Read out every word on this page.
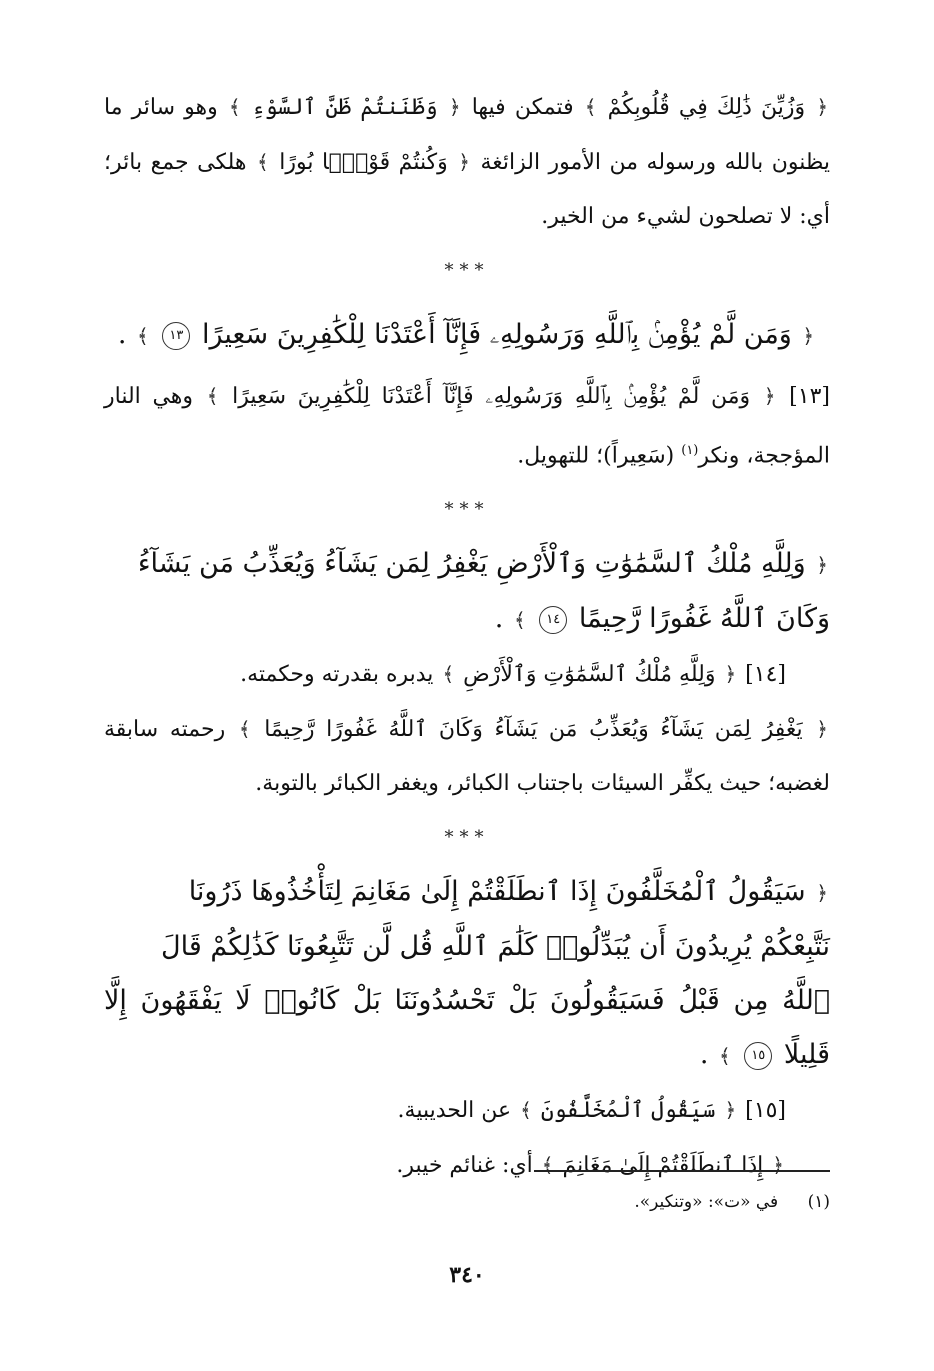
﴿ وَزُيِّنَ ذَٰلِكَ فِي قُلُوبِكُمْ ﴾ فتمكن فيها ﴿ وَظَنَنتُمْ ظَنَّ ٱلسَّوْءِ ﴾ وهو سائر ما يظنون بالله ورسوله من الأمور الزائغة ﴿ وَكُنتُمْ قَوْمًۢا بُورًا ﴾ هلكى جمع بائر؛ أي: لا تصلحون لشيء من الخير.

***

﴿ وَمَن لَّمْ يُؤْمِنۢ بِٱللَّهِ وَرَسُولِهِۦ فَإِنَّآ أَعْتَدْنَا لِلْكَٰفِرِينَ سَعِيرًا ١٣ ﴾ .

[١٣] ﴿ وَمَن لَّمْ يُؤْمِنۢ بِٱللَّهِ وَرَسُولِهِۦ فَإِنَّآ أَعْتَدْنَا لِلْكَٰفِرِينَ سَعِيرًا ﴾ وهي النار المؤججة، ونكر$^{(١)}$ (سَعِيراً)؛ للتهويل.

***

﴿ وَلِلَّهِ مُلْكُ ٱلسَّمَٰوَٰتِ وَٱلْأَرْضِ يَغْفِرُ لِمَن يَشَآءُ وَيُعَذِّبُ مَن يَشَآءُ
وَكَانَ ٱللَّهُ غَفُورًا رَّحِيمًا ١٤ ﴾ .

[١٤] ﴿ وَلِلَّهِ مُلْكُ ٱلسَّمَٰوَٰتِ وَٱلْأَرْضِ ﴾ يدبره بقدرته وحكمته.

﴿ يَغْفِرُ لِمَن يَشَآءُ وَيُعَذِّبُ مَن يَشَآءُ وَكَانَ ٱللَّهُ غَفُورًا رَّحِيمًا ﴾ رحمته سابقة لغضبه؛ حيث يكفِّر السيئات باجتناب الكبائر، ويغفر الكبائر بالتوبة.

***

﴿ سَيَقُولُ ٱلْمُخَلَّفُونَ إِذَا ٱنطَلَقْتُمْ إِلَىٰ مَغَانِمَ لِتَأْخُذُوهَا ذَرُونَا
نَتَّبِعْكُمْ يُرِيدُونَ أَن يُبَدِّلُوا۟ كَلَٰمَ ٱللَّهِ قُل لَّن تَتَّبِعُونَا كَذَٰلِكُمْ قَالَ
ٱللَّهُ مِن قَبْلُ فَسَيَقُولُونَ بَلْ تَحْسُدُونَنَا بَلْ كَانُوا۟ لَا يَفْقَهُونَ إِلَّا قَلِيلًا ١٥ ﴾ .

[١٥] ﴿ سَيَقُولُ ٱلْمُخَلَّفُونَ ﴾ عن الحديبية.

﴿ إِذَا ٱنطَلَقْتُمْ إِلَىٰ مَغَانِمَ ﴾ أي: غنائم خيبر.

(١) في «ت»: «وتنكير».
٣٤٠
